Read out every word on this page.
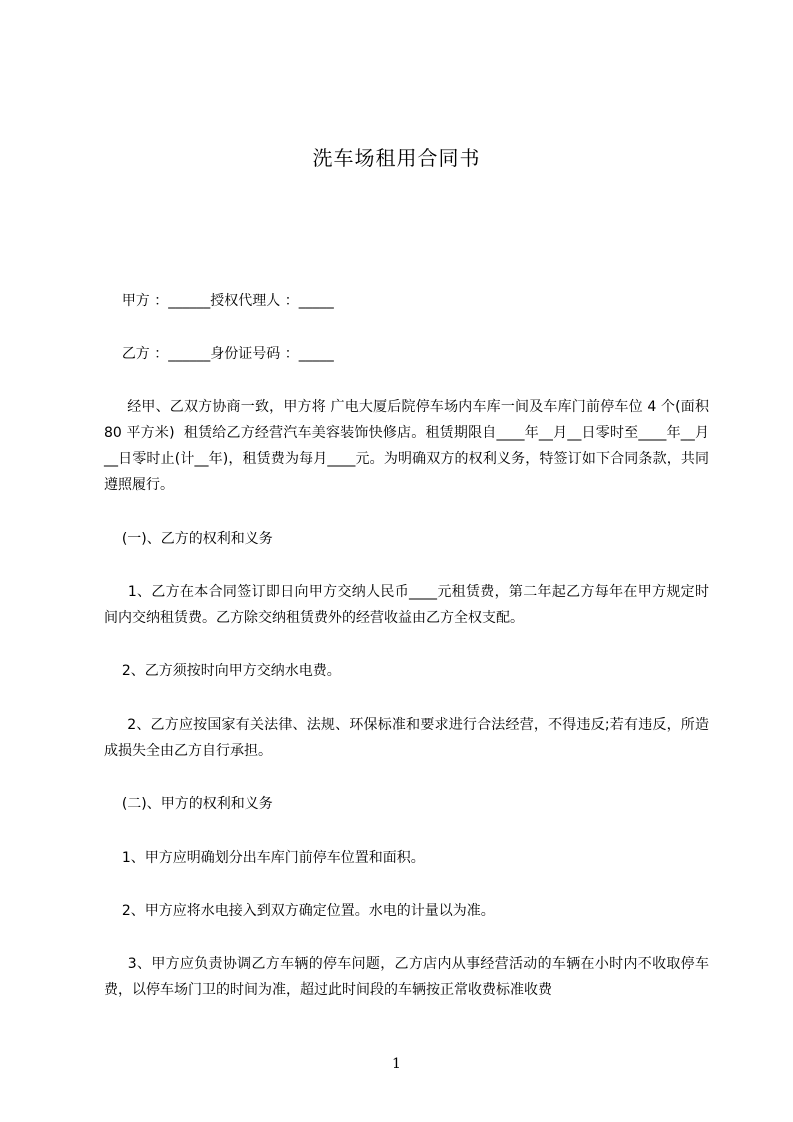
洗车场租用合同书
甲方 ：______授权代理人 ：_____
乙方 ：______身份证号码 ：_____
经甲、乙双方协商一致，甲方将 广电大厦后院停车场内车库一间及车库门前停车位 4 个(面积 80 平方米)  租赁给乙方经营汽车美容装饰快修店。租赁期限自____年__月__日零时至____年__月__日零时止(计__年)，租赁费为每月____元。为明确双方的权利义务，特签订如下合同条款，共同遵照履行。
(一)、乙方的权利和义务
1、乙方在本合同签订即日向甲方交纳人民币____元租赁费，第二年起乙方每年在甲方规定时间内交纳租赁费。乙方除交纳租赁费外的经营收益由乙方全权支配。
2、乙方须按时向甲方交纳水电费。
2、乙方应按国家有关法律、法规、环保标准和要求进行合法经营，不得违反;若有违反，所造成损失全由乙方自行承担。
(二)、甲方的权利和义务
1、甲方应明确划分出车库门前停车位置和面积。
2、甲方应将水电接入到双方确定位置。水电的计量以为准。
3、甲方应负责协调乙方车辆的停车问题，乙方店内从事经营活动的车辆在小时内不收取停车费，以停车场门卫的时间为准，超过此时间段的车辆按正常收费标准收费
1
